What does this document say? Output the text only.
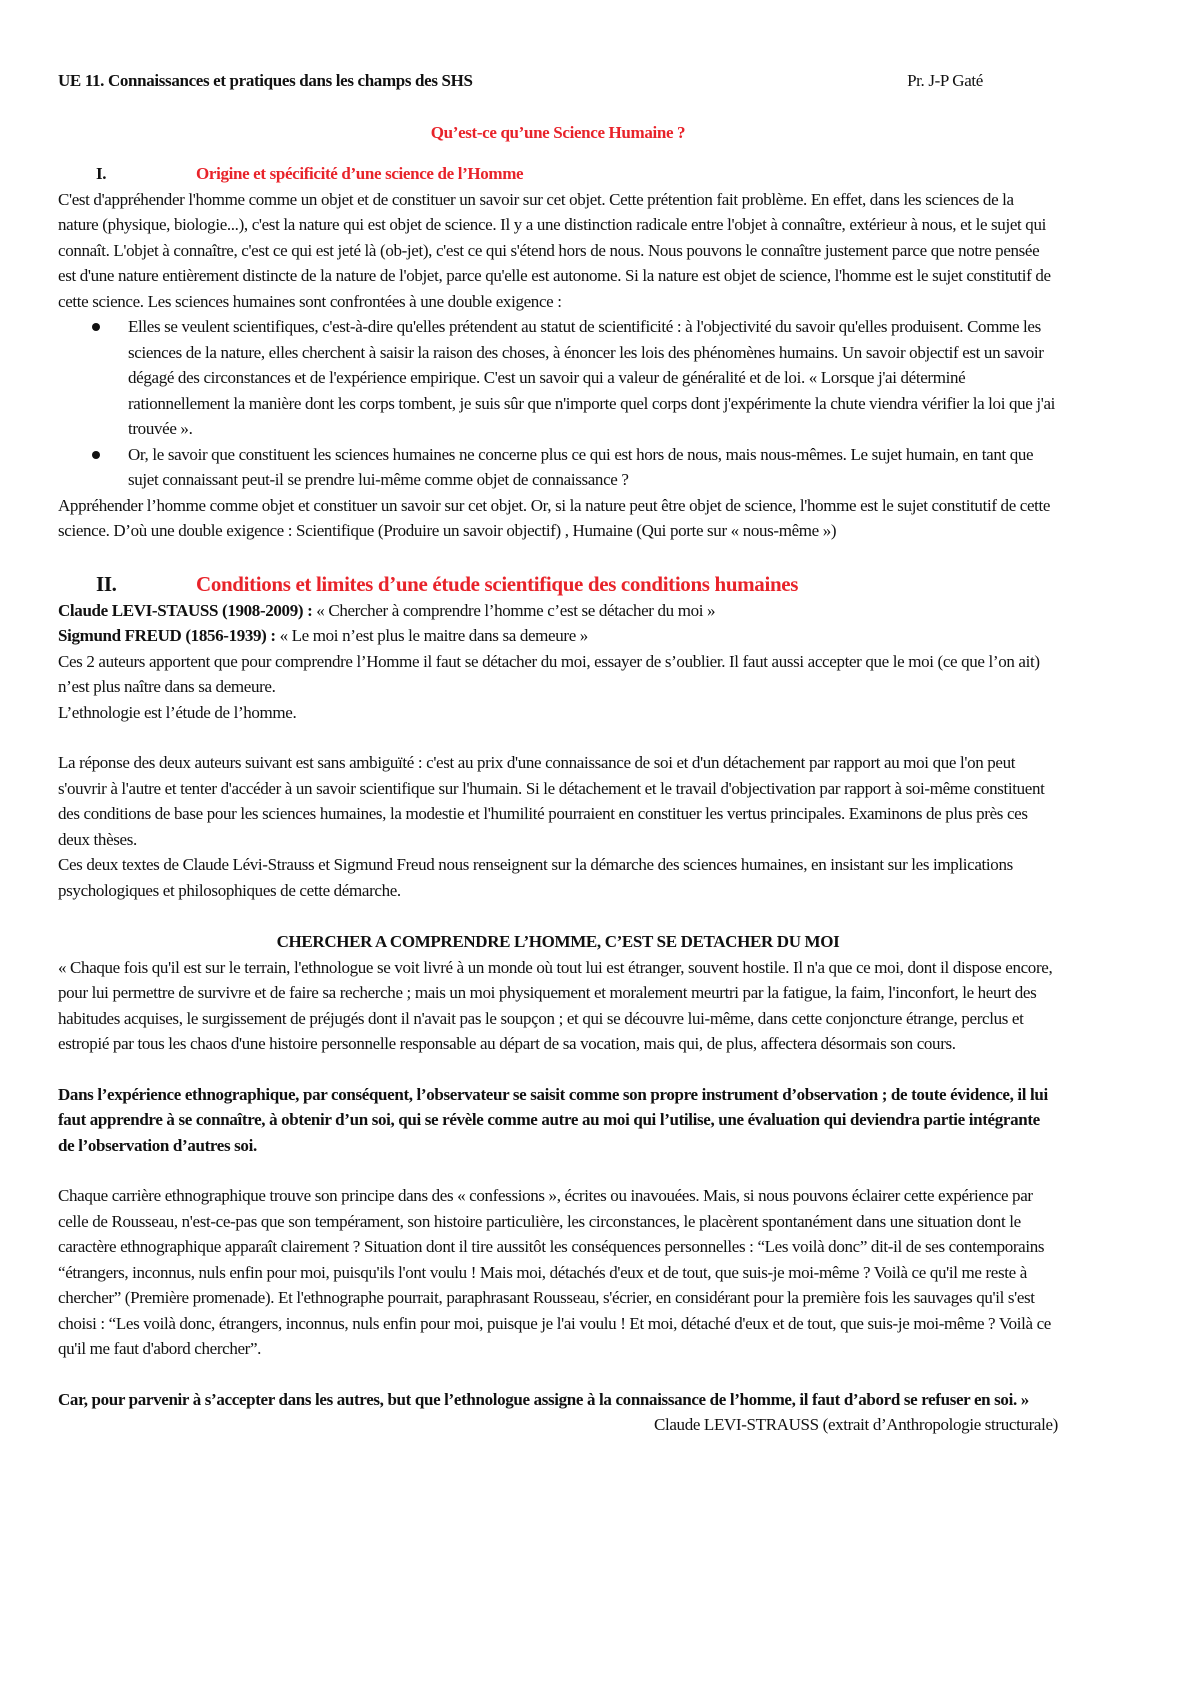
UE 11. Connaissances et pratiques dans les champs des SHS	Pr. J-P Gaté
Qu’est-ce qu’une Science Humaine ?
I.	Origine et spécificité d’une science de l’Homme

C'est d'appréhender l'homme comme un objet et de constituer un savoir sur cet objet. Cette prétention fait problème. En effet, dans les sciences de la nature (physique, biologie...), c'est la nature qui est objet de science. Il y a une distinction radicale entre l'objet à connaître, extérieur à nous, et le sujet qui connaît. L'objet à connaître, c'est ce qui est jeté là (ob-jet), c'est ce qui s'étend hors de nous. Nous pouvons le connaître justement parce que notre pensée est d'une nature entièrement distincte de la nature de l'objet, parce qu'elle est autonome. Si la nature est objet de science, l'homme est le sujet constitutif de cette science. Les sciences humaines sont confrontées à une double exigence :

Elles se veulent scientifiques, c'est-à-dire qu'elles prétendent au statut de scientificité : à l'objectivité du savoir qu'elles produisent. Comme les sciences de la nature, elles cherchent à saisir la raison des choses, à énoncer les lois des phénomènes humains. Un savoir objectif est un savoir dégagé des circonstances et de l'expérience empirique. C'est un savoir qui a valeur de généralité et de loi. « Lorsque j'ai déterminé rationnellement la manière dont les corps tombent, je suis sûr que n'importe quel corps dont j'expérimente la chute viendra vérifier la loi que j'ai trouvée ».
Or, le savoir que constituent les sciences humaines ne concerne plus ce qui est hors de nous, mais nous-mêmes. Le sujet humain, en tant que sujet connaissant peut-il se prendre lui-même comme objet de connaissance ?

Appréhender l’homme comme objet et constituer un savoir sur cet objet. Or, si la nature peut être objet de science, l'homme est le sujet constitutif de cette science. D’où une double exigence : Scientifique (Produire un savoir objectif) , Humaine (Qui porte sur « nous-même »)

II.	Conditions et limites d’une étude scientifique des conditions humaines

Claude LEVI-STAUSS (1908-2009) : « Chercher à comprendre l’homme c’est se détacher du moi »

Sigmund FREUD (1856-1939) : « Le moi n’est plus le maitre dans sa demeure »

Ces 2 auteurs apportent que pour comprendre l’Homme il faut se détacher du moi, essayer de s’oublier. Il faut aussi accepter que le moi (ce que l’on ait) n’est plus naître dans sa demeure.

L’ethnologie est l’étude de l’homme.

La réponse des deux auteurs suivant est sans ambiguïté : c'est au prix d'une connaissance de soi et d'un détachement par rapport au moi que l'on peut s'ouvrir à l'autre et tenter d'accéder à un savoir scientifique sur l'humain. Si le détachement et le travail d'objectivation par rapport à soi-même constituent des conditions de base pour les sciences humaines, la modestie et l'humilité pourraient en constituer les vertus principales. Examinons de plus près ces deux thèses.

Ces deux textes de Claude Lévi-Strauss et Sigmund Freud nous renseignent sur la démarche des sciences humaines, en insistant sur les implications psychologiques et philosophiques de cette démarche.

CHERCHER A COMPRENDRE L’HOMME, C’EST SE DETACHER DU MOI

« Chaque fois qu'il est sur le terrain, l'ethnologue se voit livré à un monde où tout lui est étranger, souvent hostile. Il n'a que ce moi, dont il dispose encore, pour lui permettre de survivre et de faire sa recherche ; mais un moi physiquement et moralement meurtri par la fatigue, la faim, l'inconfort, le heurt des habitudes acquises, le surgissement de préjugés dont il n'avait pas le soupçon ; et qui se découvre lui-même, dans cette conjoncture étrange, perclus et estropié par tous les chaos d'une histoire personnelle responsable au départ de sa vocation, mais qui, de plus, affectera désormais son cours.

Dans l’expérience ethnographique, par conséquent, l’observateur se saisit comme son propre instrument d’observation ; de toute évidence, il lui faut apprendre à se connaître, à obtenir d’un soi, qui se révèle comme autre au moi qui l’utilise, une évaluation qui deviendra partie intégrante de l’observation d’autres soi.

Chaque carrière ethnographique trouve son principe dans des « confessions », écrites ou inavouées. Mais, si nous pouvons éclairer cette expérience par celle de Rousseau, n'est-ce-pas que son tempérament, son histoire particulière, les circonstances, le placèrent spontanément dans une situation dont le caractère ethnographique apparaît clairement ? Situation dont il tire aussitôt les conséquences personnelles : “Les voilà donc” dit-il de ses contemporains “étrangers, inconnus, nuls enfin pour moi, puisqu'ils l'ont voulu ! Mais moi, détachés d'eux et de tout, que suis-je moi-même ? Voilà ce qu'il me reste à chercher” (Première promenade). Et l'ethnographe pourrait, paraphrasant Rousseau, s'écrier, en considérant pour la première fois les sauvages qu'il s'est choisi : “Les voilà donc, étrangers, inconnus, nuls enfin pour moi, puisque je l'ai voulu ! Et moi, détaché d'eux et de tout, que suis-je moi-même ? Voilà ce qu'il me faut d'abord chercher”.

Car, pour parvenir à s’accepter dans les autres, but que l’ethnologue assigne à la connaissance de l’homme, il faut d’abord se refuser en soi. »

Claude LEVI-STRAUSS (extrait d’Anthropologie structurale)
